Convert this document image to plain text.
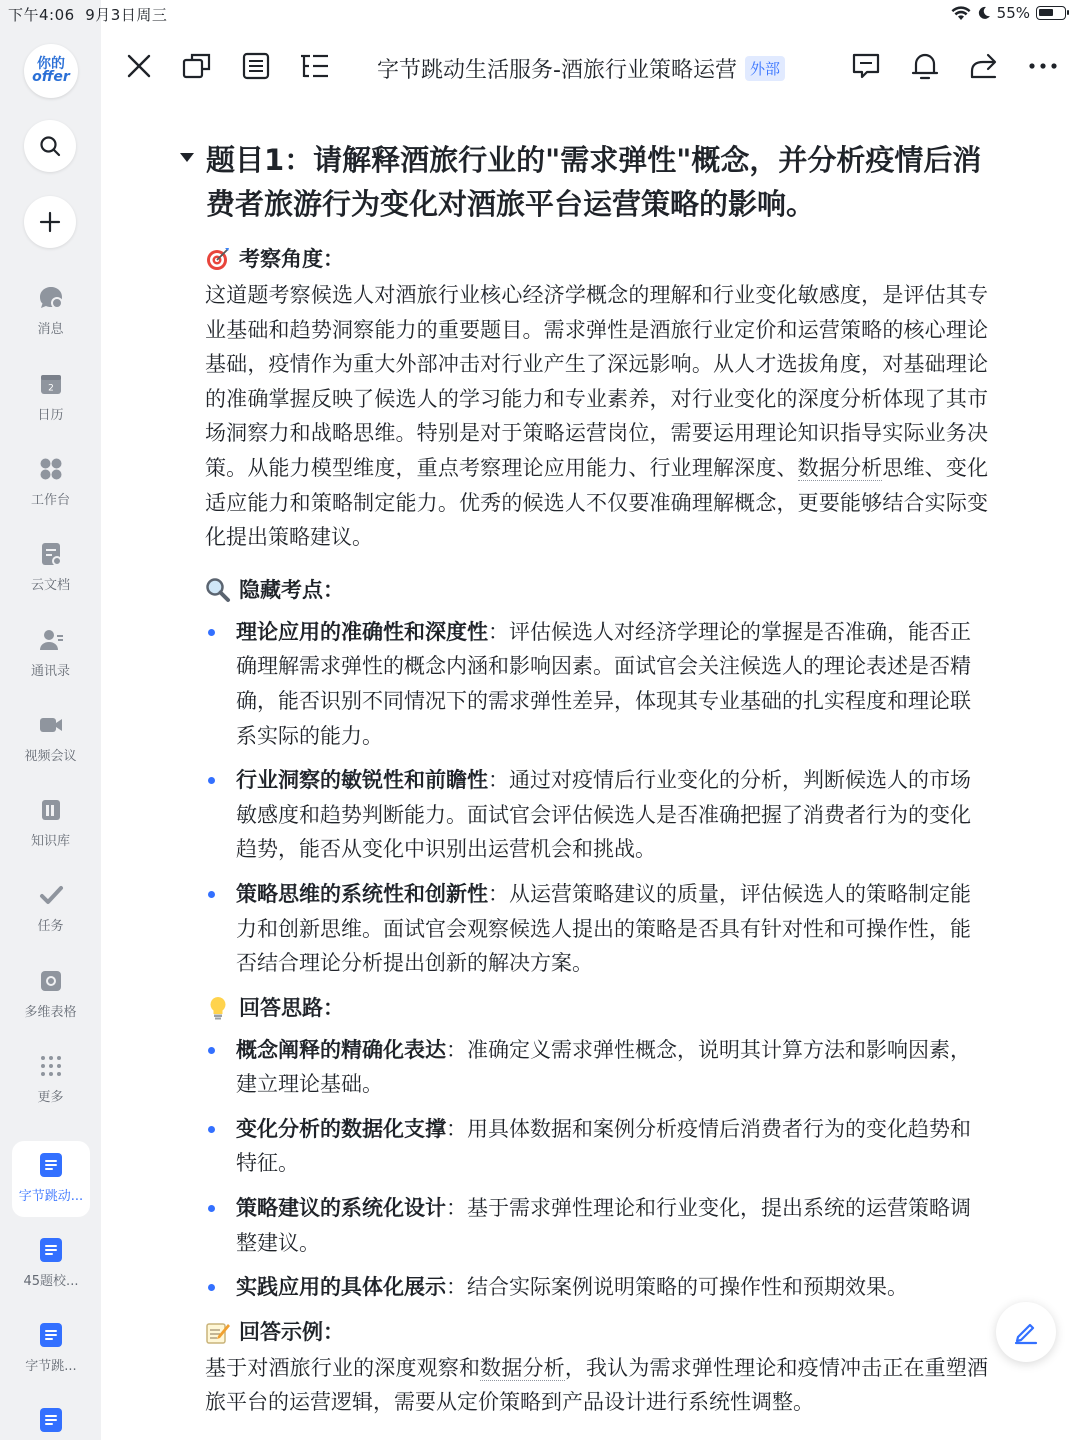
你的
offer
消息
2
日历
工作台
云文档
通讯录
视频会议
知识库
任务
多维表格
更多
字节跳动...
45题校...
字节跳...
下午4:06 9月3日周三	55%
字节跳动生活服务-酒旅行业策略运营 外部
题目1：请解释酒旅行业的"需求弹性"概念，并分析疫情后消费者旅游行为变化对酒旅平台运营策略的影响。
考察角度：
这道题考察候选人对酒旅行业核心经济学概念的理解和行业变化敏感度，是评估其专业基础和趋势洞察能力的重要题目。需求弹性是酒旅行业定价和运营策略的核心理论基础，疫情作为重大外部冲击对行业产生了深远影响。从人才选拔角度，对基础理论的准确掌握反映了候选人的学习能力和专业素养，对行业变化的深度分析体现了其市场洞察力和战略思维。特别是对于策略运营岗位，需要运用理论知识指导实际业务决策。从能力模型维度，重点考察理论应用能力、行业理解深度、数据分析思维、变化适应能力和策略制定能力。优秀的候选人不仅要准确理解概念，更要能够结合实际变化提出策略建议。
隐藏考点：
理论应用的准确性和深度性：评估候选人对经济学理论的掌握是否准确，能否正确理解需求弹性的概念内涵和影响因素。面试官会关注候选人的理论表述是否精确，能否识别不同情况下的需求弹性差异，体现其专业基础的扎实程度和理论联系实际的能力。
行业洞察的敏锐性和前瞻性：通过对疫情后行业变化的分析，判断候选人的市场敏感度和趋势判断能力。面试官会评估候选人是否准确把握了消费者行为的变化趋势，能否从变化中识别出运营机会和挑战。
策略思维的系统性和创新性：从运营策略建议的质量，评估候选人的策略制定能力和创新思维。面试官会观察候选人提出的策略是否具有针对性和可操作性，能否结合理论分析提出创新的解决方案。
回答思路：
概念阐释的精确化表达：准确定义需求弹性概念，说明其计算方法和影响因素，建立理论基础。
变化分析的数据化支撑：用具体数据和案例分析疫情后消费者行为的变化趋势和特征。
策略建议的系统化设计：基于需求弹性理论和行业变化，提出系统的运营策略调整建议。
实践应用的具体化展示：结合实际案例说明策略的可操作性和预期效果。
回答示例：
基于对酒旅行业的深度观察和数据分析，我认为需求弹性理论和疫情冲击正在重塑酒旅平台的运营逻辑，需要从定价策略到产品设计进行系统性调整。
